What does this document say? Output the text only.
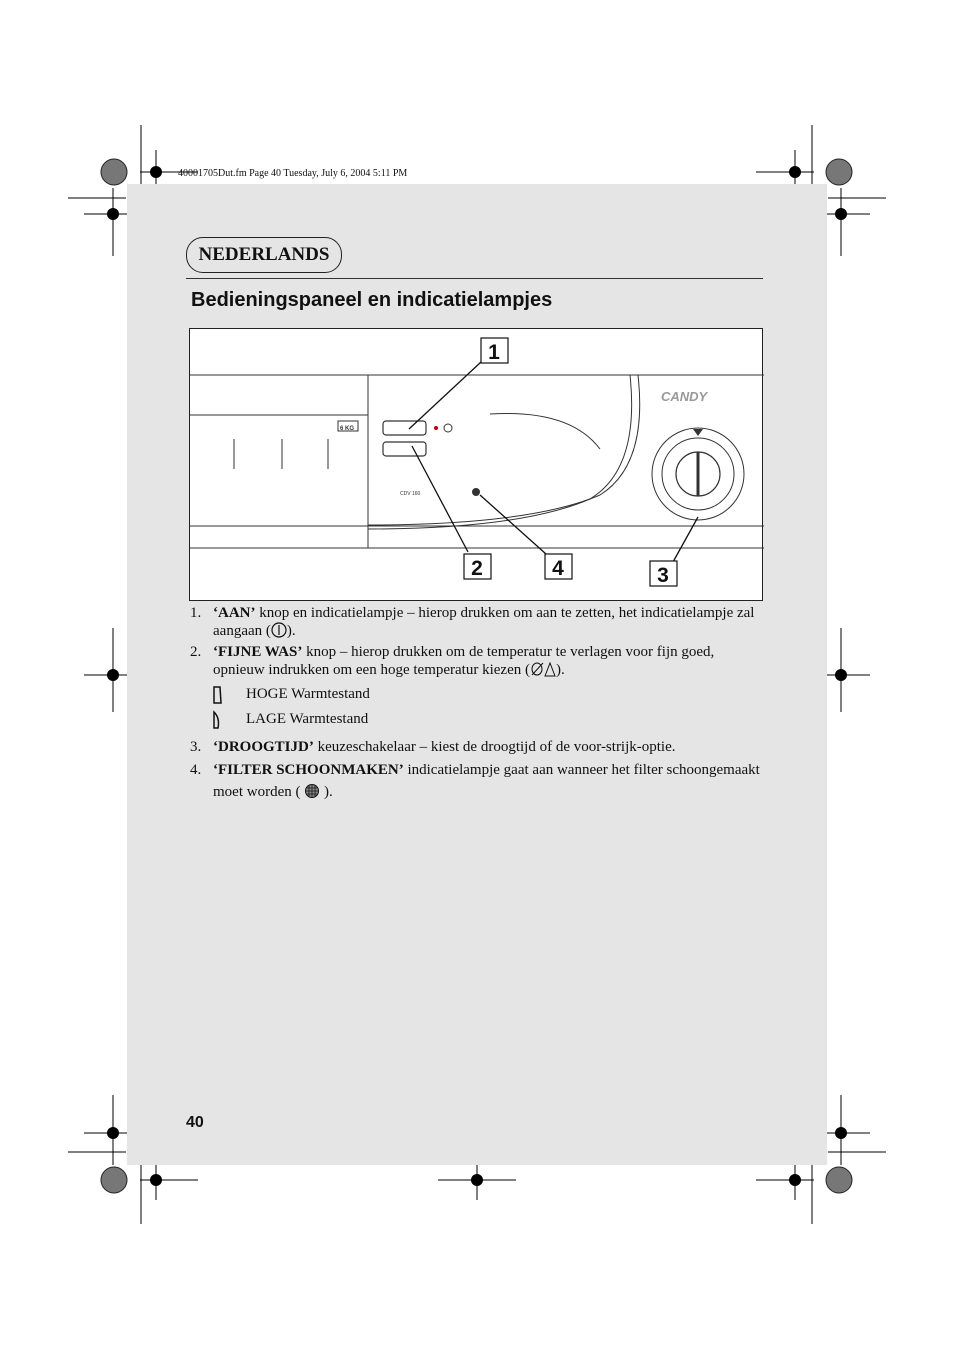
40001705Dut.fm Page 40 Tuesday, July 6, 2004 5:11 PM
NEDERLANDS
Bedieningspaneel en indicatielampjes
1
2	3
4
CANDY
6 KG
CDV 160
1. ‘AAN’ knop en indicatielampje – hierop drukken om aan te zetten, het indicatielampje zal aangaan ( ).
2. ‘FIJNE WAS’ knop – hierop drukken om de temperatur te verlagen voor fijn goed, opnieuw indrukken om een hoge temperatur kiezen ( ).
HOGE Warmtestand
LAGE Warmtestand
3. ‘DROOGTIJD’ keuzeschakelaar – kiest de droogtijd of de voor-strijk-optie.
4. ‘FILTER SCHOONMAKEN’ indicatielampje gaat aan wanneer het filter schoongemaakt moet worden (  ).
40
